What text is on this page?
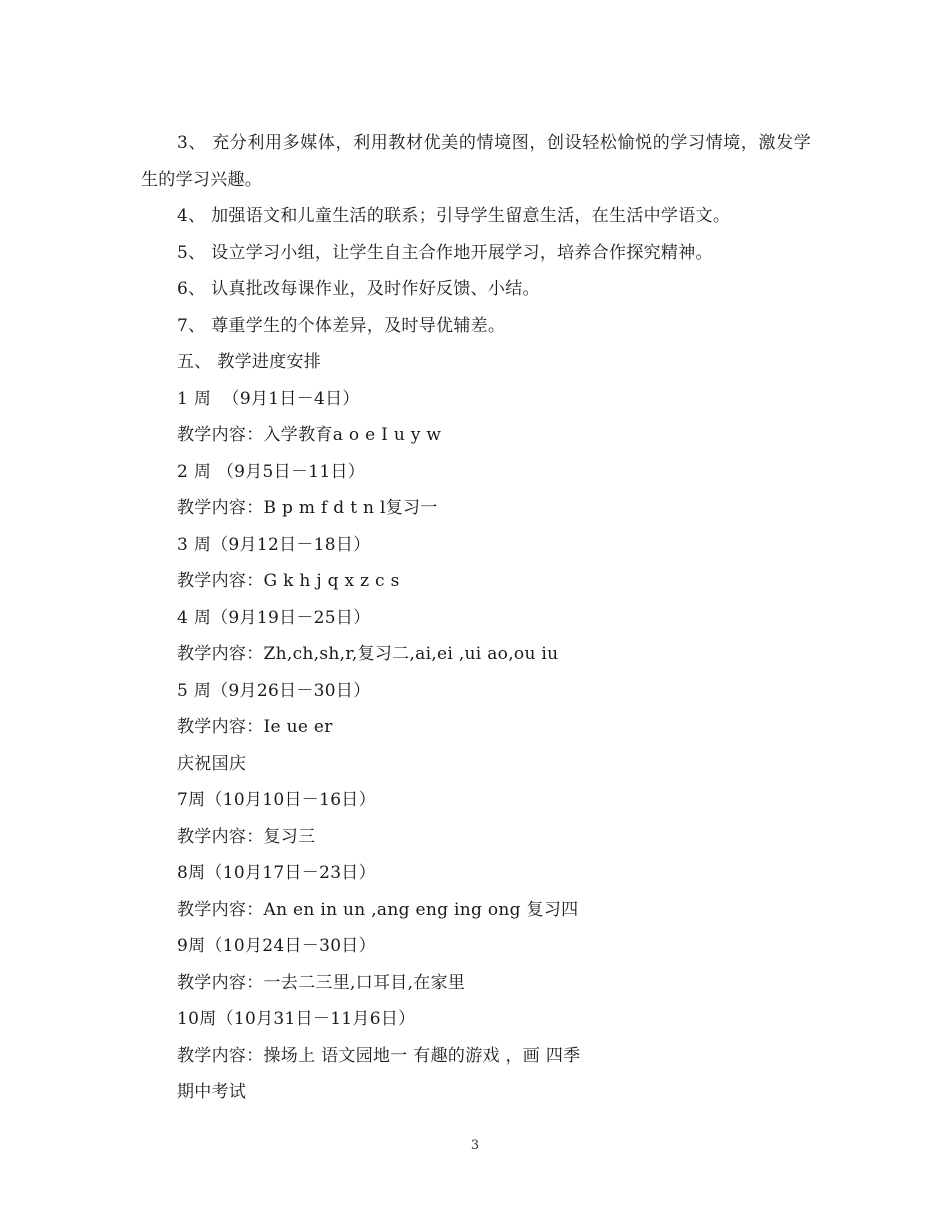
3、 充分利用多媒体，利用教材优美的情境图，创设轻松愉悦的学习情境，激发学生的学习兴趣。

4、 加强语文和儿童生活的联系；引导学生留意生活，在生活中学语文。

5、 设立学习小组，让学生自主合作地开展学习，培养合作探究精神。

6、 认真批改每课作业，及时作好反馈、小结。

7、 尊重学生的个体差异，及时导优辅差。

五、 教学进度安排

1 周  （9月1日－4日）

教学内容：入学教育a o e I u y w

2 周 （9月5日－11日）

教学内容：B p m f d t n l复习一

3 周（9月12日－18日）

教学内容：G k h j q x z c s

4 周（9月19日－25日）

教学内容：Zh,ch,sh,r,复习二,ai,ei ,ui ao,ou iu

5 周（9月26日－30日）

教学内容：Ie ue er

庆祝国庆

7周（10月10日－16日）

教学内容：复习三

8周（10月17日－23日）

教学内容：An en in un ,ang eng ing ong 复习四

9周（10月24日－30日）

教学内容：一去二三里,口耳目,在家里

10周（10月31日－11月6日）

教学内容：操场上 语文园地一 有趣的游戏 ，画 四季

期中考试

3
